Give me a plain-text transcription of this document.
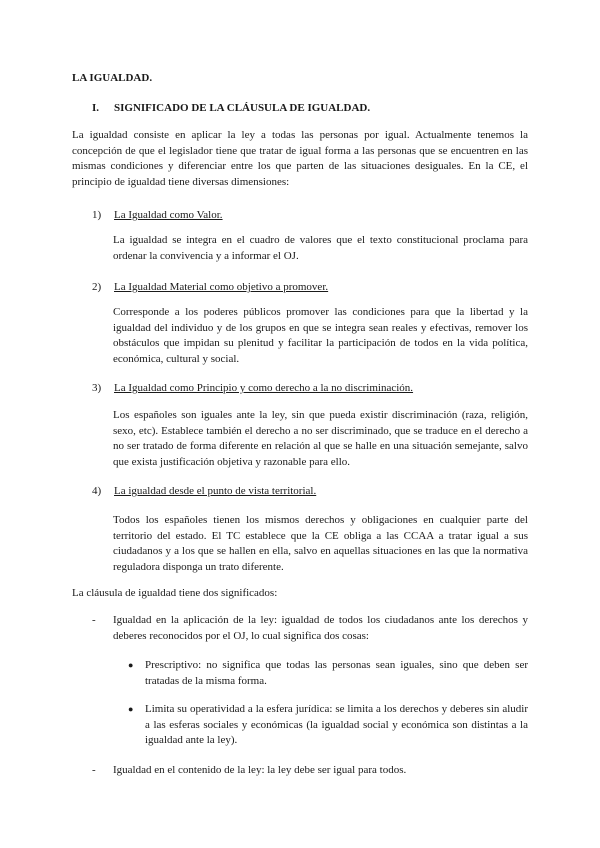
LA IGUALDAD.

I. SIGNIFICADO DE LA CLÁUSULA DE IGUALDAD.

La igualdad consiste en aplicar la ley a todas las personas por igual. Actualmente tenemos la concepción de que el legislador tiene que tratar de igual forma a las personas que se encuentren en las mismas condiciones y diferenciar entre los que parten de las situaciones desiguales. En la CE, el principio de igualdad tiene diversas dimensiones:

1) La Igualdad como Valor.

La igualdad se integra en el cuadro de valores que el texto constitucional proclama para ordenar la convivencia y a informar el OJ.

2) La Igualdad Material como objetivo a promover.

Corresponde a los poderes públicos promover las condiciones para que la libertad y la igualdad del individuo y de los grupos en que se integra sean reales y efectivas, remover los obstáculos que impidan su plenitud y facilitar la participación de todos en la vida política, económica, cultural y social.

3) La Igualdad como Principio y como derecho a la no discriminación.

Los españoles son iguales ante la ley, sin que pueda existir discriminación (raza, religión, sexo, etc). Establece también el derecho a no ser discriminado, que se traduce en el derecho a no ser tratado de forma diferente en relación al que se halle en una situación semejante, salvo que exista justificación objetiva y razonable para ello.

4) La igualdad desde el punto de vista territorial.

Todos los españoles tienen los mismos derechos y obligaciones en cualquier parte del territorio del estado. El TC establece que la CE obliga a las CCAA a tratar igual a sus ciudadanos y a los que se hallen en ella, salvo en aquellas situaciones en las que la normativa reguladora disponga un trato diferente.

La cláusula de igualdad tiene dos significados:

-	Igualdad en la aplicación de la ley: igualdad de todos los ciudadanos ante los derechos y deberes reconocidos por el OJ, lo cual significa dos cosas:
●	Prescriptivo: no significa que todas las personas sean iguales, sino que deben ser tratadas de la misma forma.
●	Limita su operatividad a la esfera jurídica: se limita a los derechos y deberes sin aludir a las esferas sociales y económicas (la igualdad social y económica son distintas a la igualdad ante la ley).
-	Igualdad en el contenido de la ley: la ley debe ser igual para todos.
